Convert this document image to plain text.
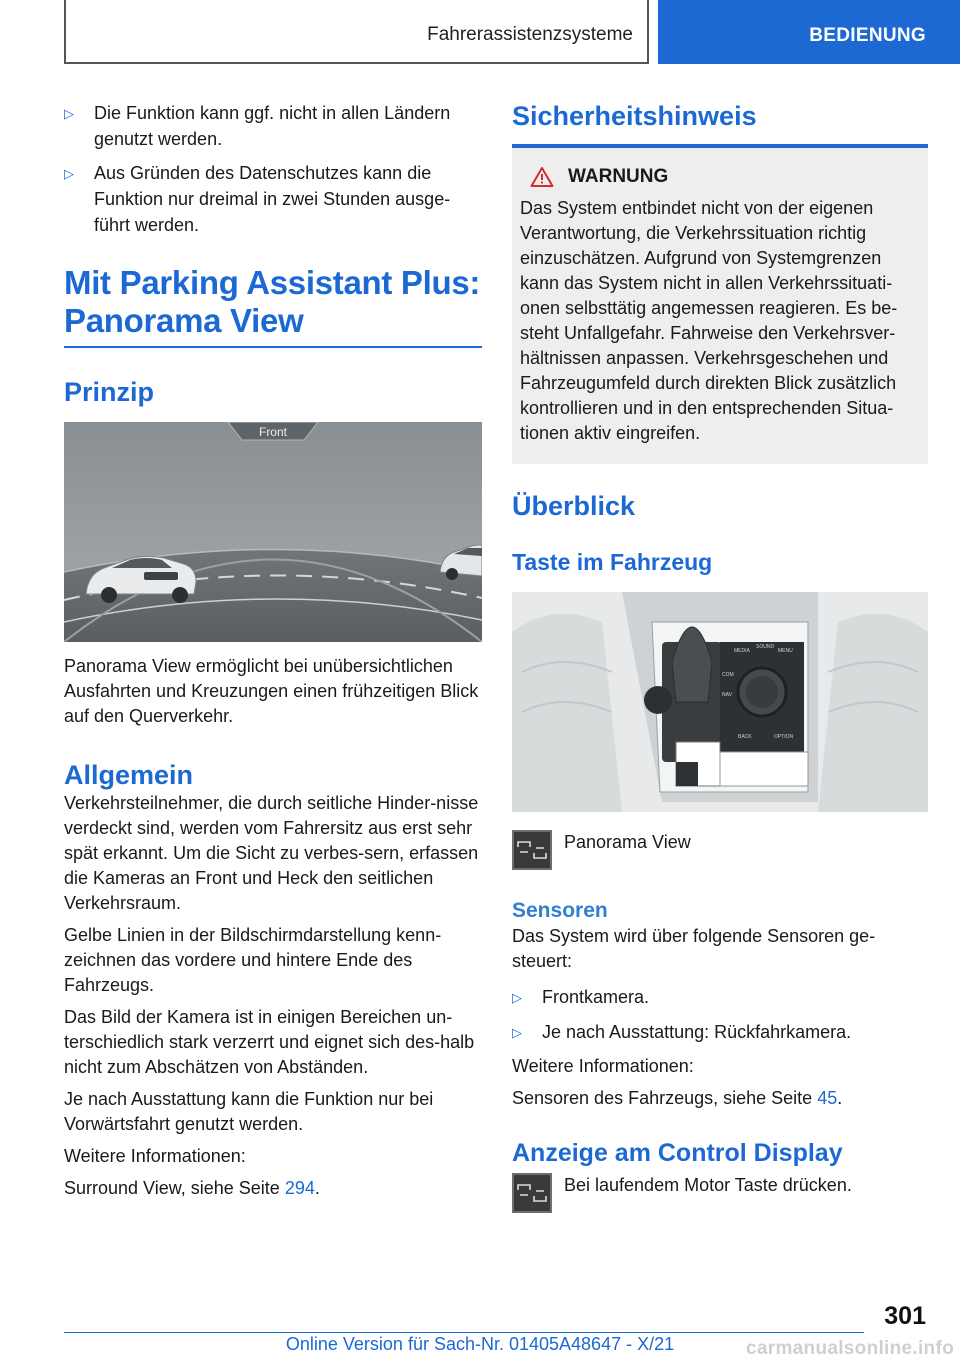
Fahrerassistenzsysteme	BEDIENUNG
▷	Die Funktion kann ggf. nicht in allen Ländern genutzt werden.
▷	Aus Gründen des Datenschutzes kann die Funktion nur dreimal in zwei Stunden ausge-führt werden.
Mit Parking Assistant Plus: Panorama View
Prinzip
Front

Panorama View ermöglicht bei unübersichtlichen Ausfahrten und Kreuzungen einen frühzeitigen Blick auf den Querverkehr.

Allgemein

Verkehrsteilnehmer, die durch seitliche Hinder-nisse verdeckt sind, werden vom Fahrersitz aus erst sehr spät erkannt. Um die Sicht zu verbes-sern, erfassen die Kameras an Front und Heck den seitlichen Verkehrsraum.

Gelbe Linien in der Bildschirmdarstellung kenn-zeichnen das vordere und hintere Ende des Fahrzeugs.

Das Bild der Kamera ist in einigen Bereichen un-terschiedlich stark verzerrt und eignet sich des-halb nicht zum Abschätzen von Abständen.

Je nach Ausstattung kann die Funktion nur bei Vorwärtsfahrt genutzt werden.

Weitere Informationen:

Surround View, siehe Seite 294.

Sicherheitshinweis
WARNUNG
Das System entbindet nicht von der eigenen Verantwortung, die Verkehrssituation richtig einzuschätzen. Aufgrund von Systemgrenzen kann das System nicht in allen Verkehrssituati-onen selbsttätig angemessen reagieren. Es be-steht Unfallgefahr. Fahrweise den Verkehrsver-hältnissen anpassen. Verkehrsgeschehen und Fahrzeugumfeld durch direkten Blick zusätzlich kontrollieren und in den entsprechenden Situa-tionen aktiv eingreifen.
Überblick
Taste im Fahrzeug
MEDIA
SOUND
MENU
COM
NAV
BACK	OPTION
Panorama View
Sensoren

Das System wird über folgende Sensoren ge-steuert:

▷	Frontkamera.
▷	Je nach Ausstattung: Rückfahrkamera.

Weitere Informationen:

Sensoren des Fahrzeugs, siehe Seite 45.

Anzeige am Control Display
Bei laufendem Motor Taste drücken.
301
Online Version für Sach-Nr. 01405A48647 - X/21	carmanualsonline.info
